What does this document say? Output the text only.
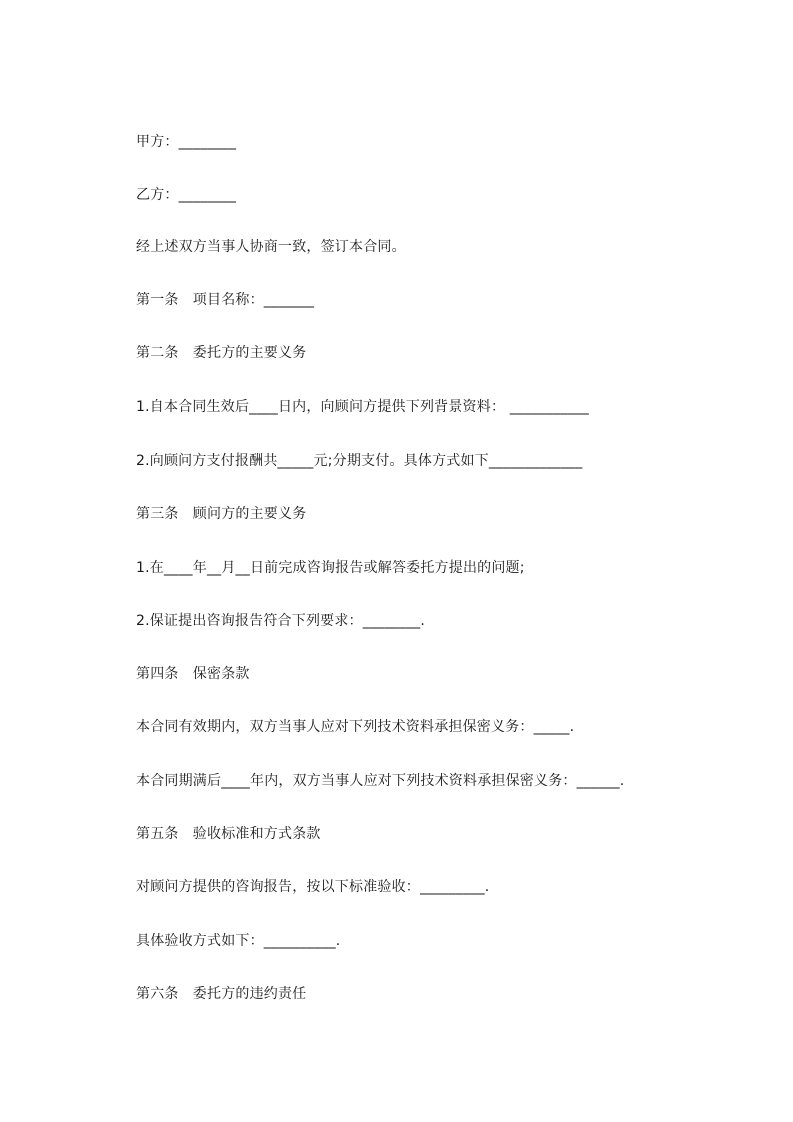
甲方：________
乙方：________
经上述双方当事人协商一致，签订本合同。
第一条　项目名称：_______
第二条　委托方的主要义务
1.自本合同生效后____日内，向顾问方提供下列背景资料： ___________
2.向顾问方支付报酬共_____元;分期支付。具体方式如下_____________
第三条　顾问方的主要义务
1.在____年__月__日前完成咨询报告或解答委托方提出的问题;
2.保证提出咨询报告符合下列要求：________.
第四条　保密条款
本合同有效期内，双方当事人应对下列技术资料承担保密义务：_____.
本合同期满后____年内，双方当事人应对下列技术资料承担保密义务：______.
第五条　验收标准和方式条款
对顾问方提供的咨询报告，按以下标准验收：_________.
具体验收方式如下：__________.
第六条　委托方的违约责任
